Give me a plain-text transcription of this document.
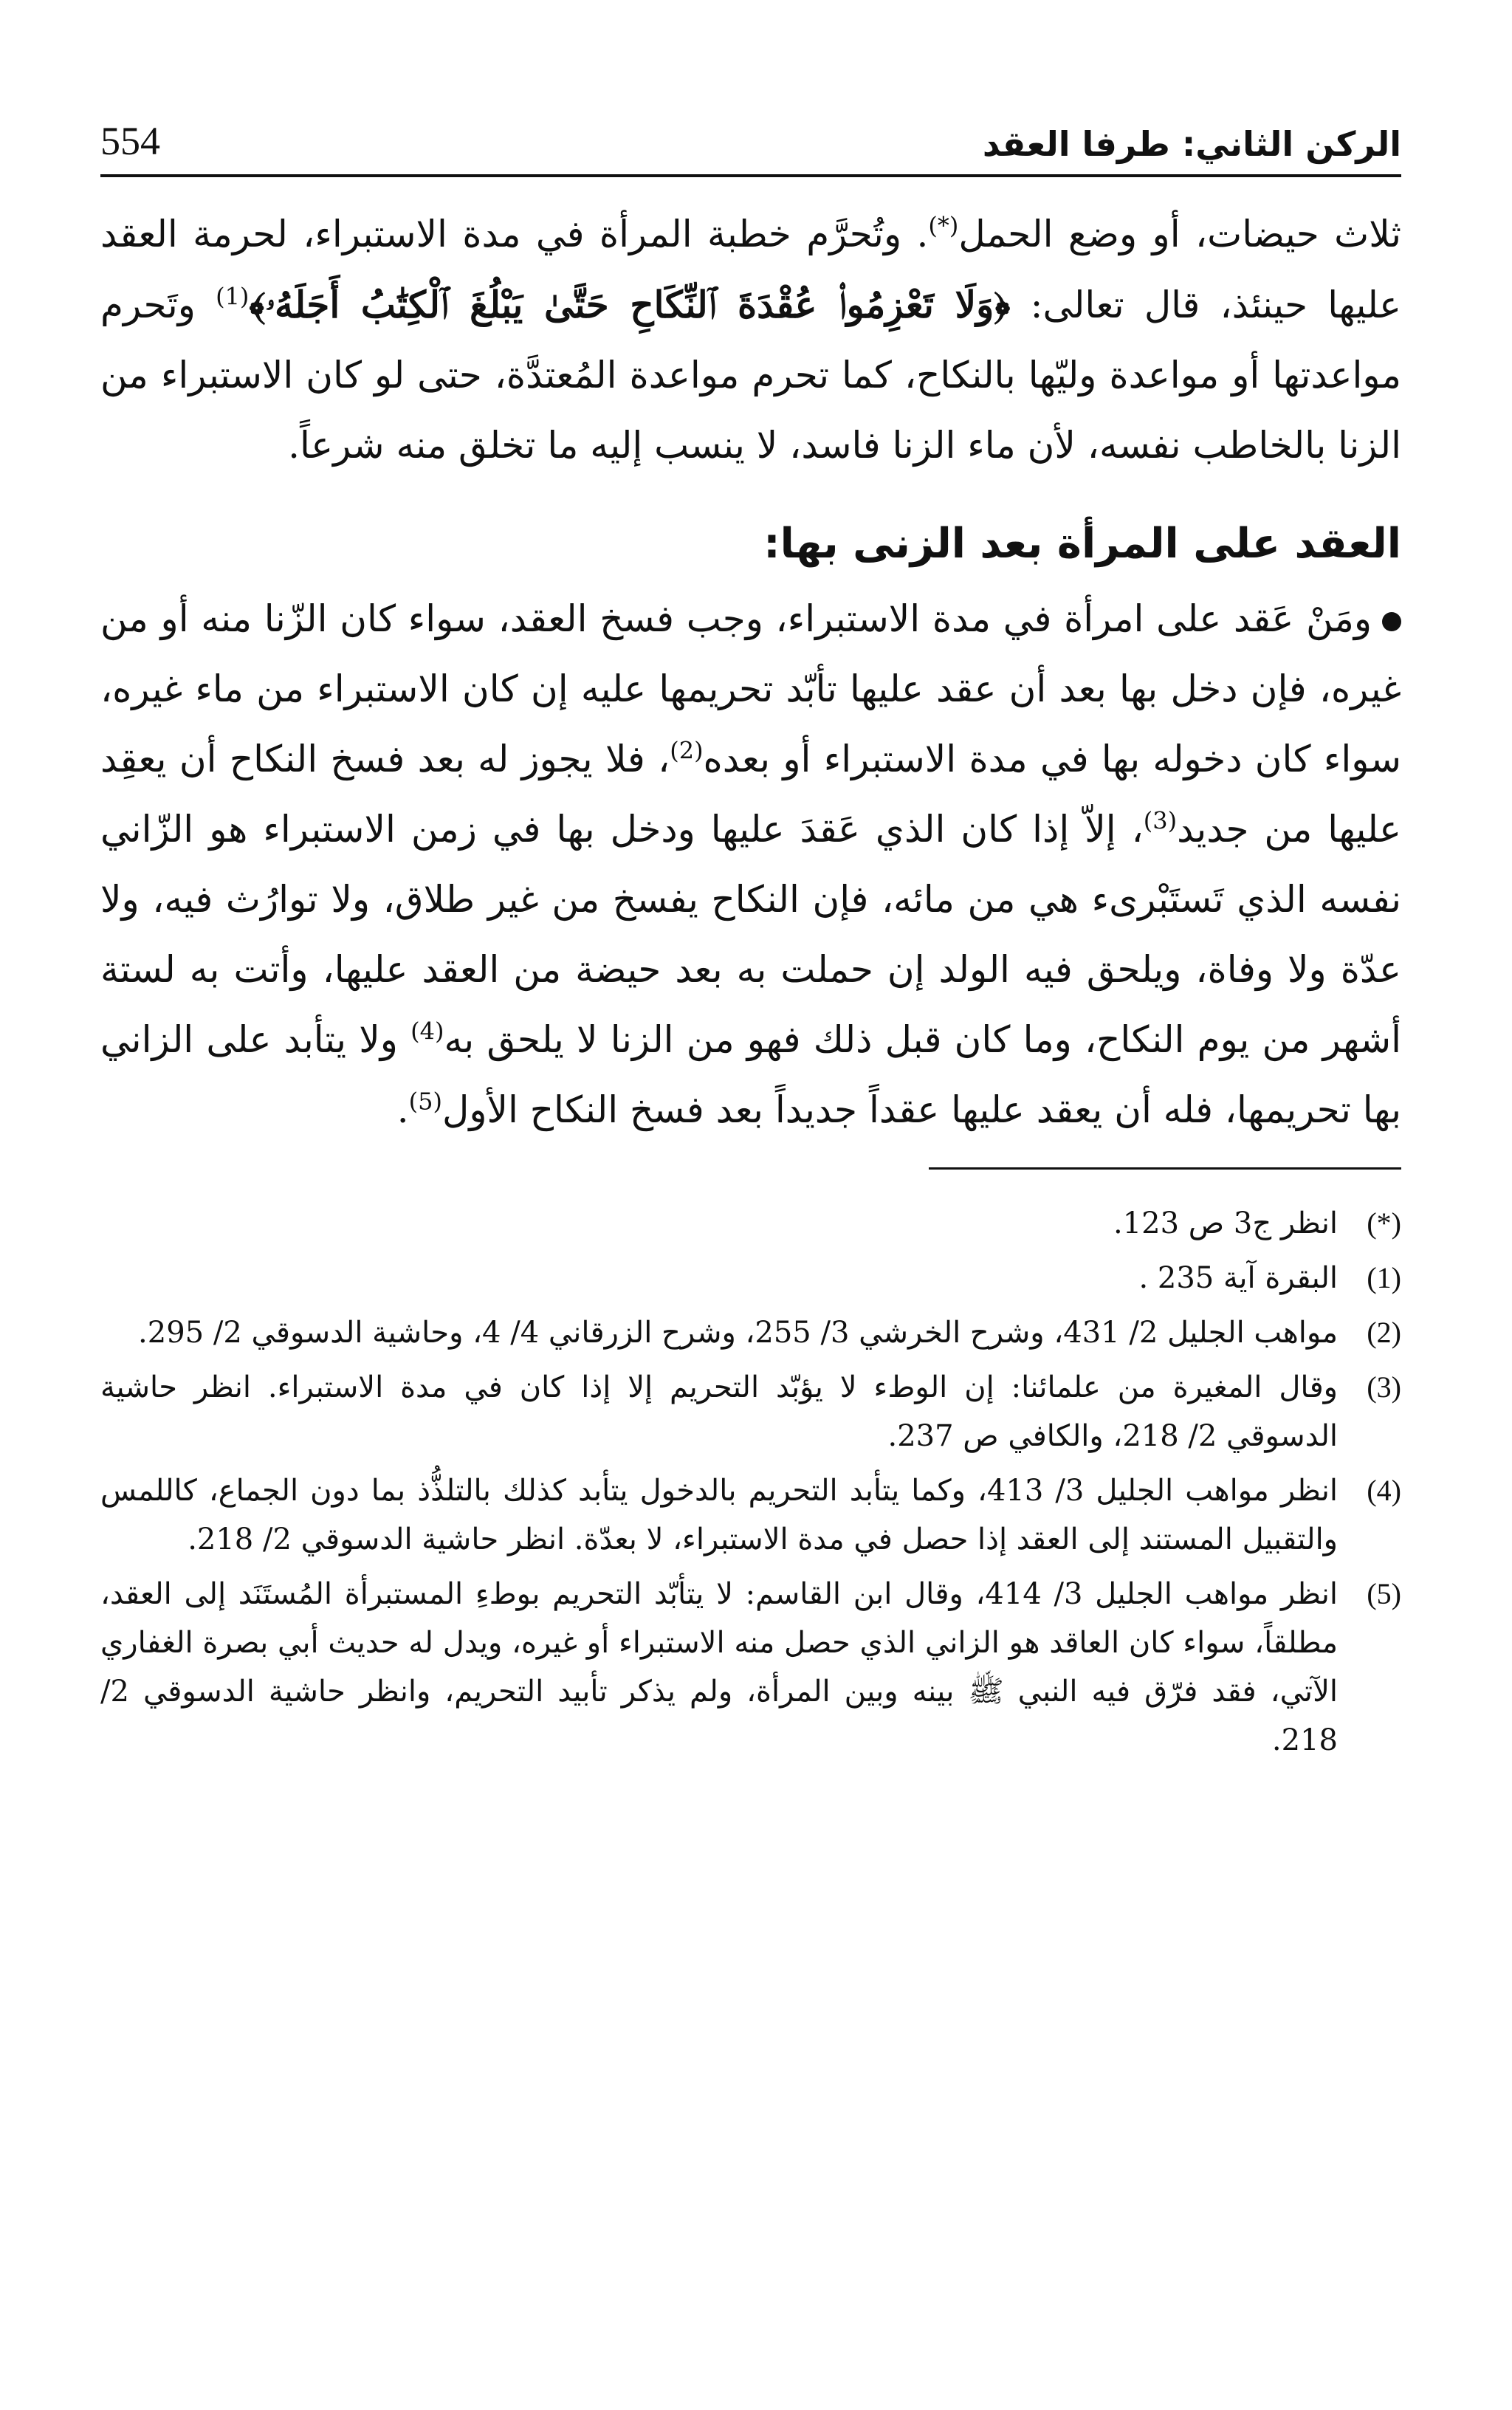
الركن الثاني: طرفا العقد
554

ثلاث حيضات، أو وضع الحمل(*). وتُحرَّم خطبة المرأة في مدة الاستبراء، لحرمة العقد عليها حينئذ، قال تعالى: ﴿وَلَا تَعْزِمُوا۟ عُقْدَةَ ٱلنِّكَاحِ حَتَّىٰ يَبْلُغَ ٱلْكِتَٰبُ أَجَلَهُۥ﴾$^{(1)}$ وتَحرم مواعدتها أو مواعدة وليّها بالنكاح، كما تحرم مواعدة المُعتدَّة، حتى لو كان الاستبراء من الزنا بالخاطب نفسه، لأن ماء الزنا فاسد، لا ينسب إليه ما تخلق منه شرعاً.

العقد على المرأة بعد الزنى بها:

ومَنْ عَقد على امرأة في مدة الاستبراء، وجب فسخ العقد، سواء كان الزّنا منه أو من غيره، فإن دخل بها بعد أن عقد عليها تأبّد تحريمها عليه إن كان الاستبراء من ماء غيره، سواء كان دخوله بها في مدة الاستبراء أو بعده$^{(2)}$، فلا يجوز له بعد فسخ النكاح أن يعقِد عليها من جديد$^{(3)}$، إلاّ إذا كان الذي عَقدَ عليها ودخل بها في زمن الاستبراء هو الزّاني نفسه الذي تَستَبْرىء هي من مائه، فإن النكاح يفسخ من غير طلاق، ولا توارُث فيه، ولا عدّة ولا وفاة، ويلحق فيه الولد إن حملت به بعد حيضة من العقد عليها، وأتت به لستة أشهر من يوم النكاح، وما كان قبل ذلك فهو من الزنا لا يلحق به$^{(4)}$ ولا يتأبد على الزاني بها تحريمها، فله أن يعقد عليها عقداً جديداً بعد فسخ النكاح الأول$^{(5)}$.

(*)
انظر ج3 ص 123.
(1)
البقرة آية 235 .
(2)
مواهب الجليل 2/ 431، وشرح الخرشي 3/ 255، وشرح الزرقاني 4/ 4، وحاشية الدسوقي 2/ 295.
(3)
وقال المغيرة من علمائنا: إن الوطء لا يؤبّد التحريم إلا إذا كان في مدة الاستبراء. انظر حاشية الدسوقي 2/ 218، والكافي ص 237.
(4)
انظر مواهب الجليل 3/ 413، وكما يتأبد التحريم بالدخول يتأبد كذلك بالتلذُّذ بما دون الجماع، كاللمس والتقبيل المستند إلى العقد إذا حصل في مدة الاستبراء، لا بعدّة. انظر حاشية الدسوقي 2/ 218.
(5)
انظر مواهب الجليل 3/ 414، وقال ابن القاسم: لا يتأبّد التحريم بوطءِ المستبرأة المُستَنَد إلى العقد، مطلقاً، سواء كان العاقد هو الزاني الذي حصل منه الاستبراء أو غيره، ويدل له حديث أبي بصرة الغفاري الآتي، فقد فرّق فيه النبي ﷺ بينه وبين المرأة، ولم يذكر تأبيد التحريم، وانظر حاشية الدسوقي 2/ 218.
